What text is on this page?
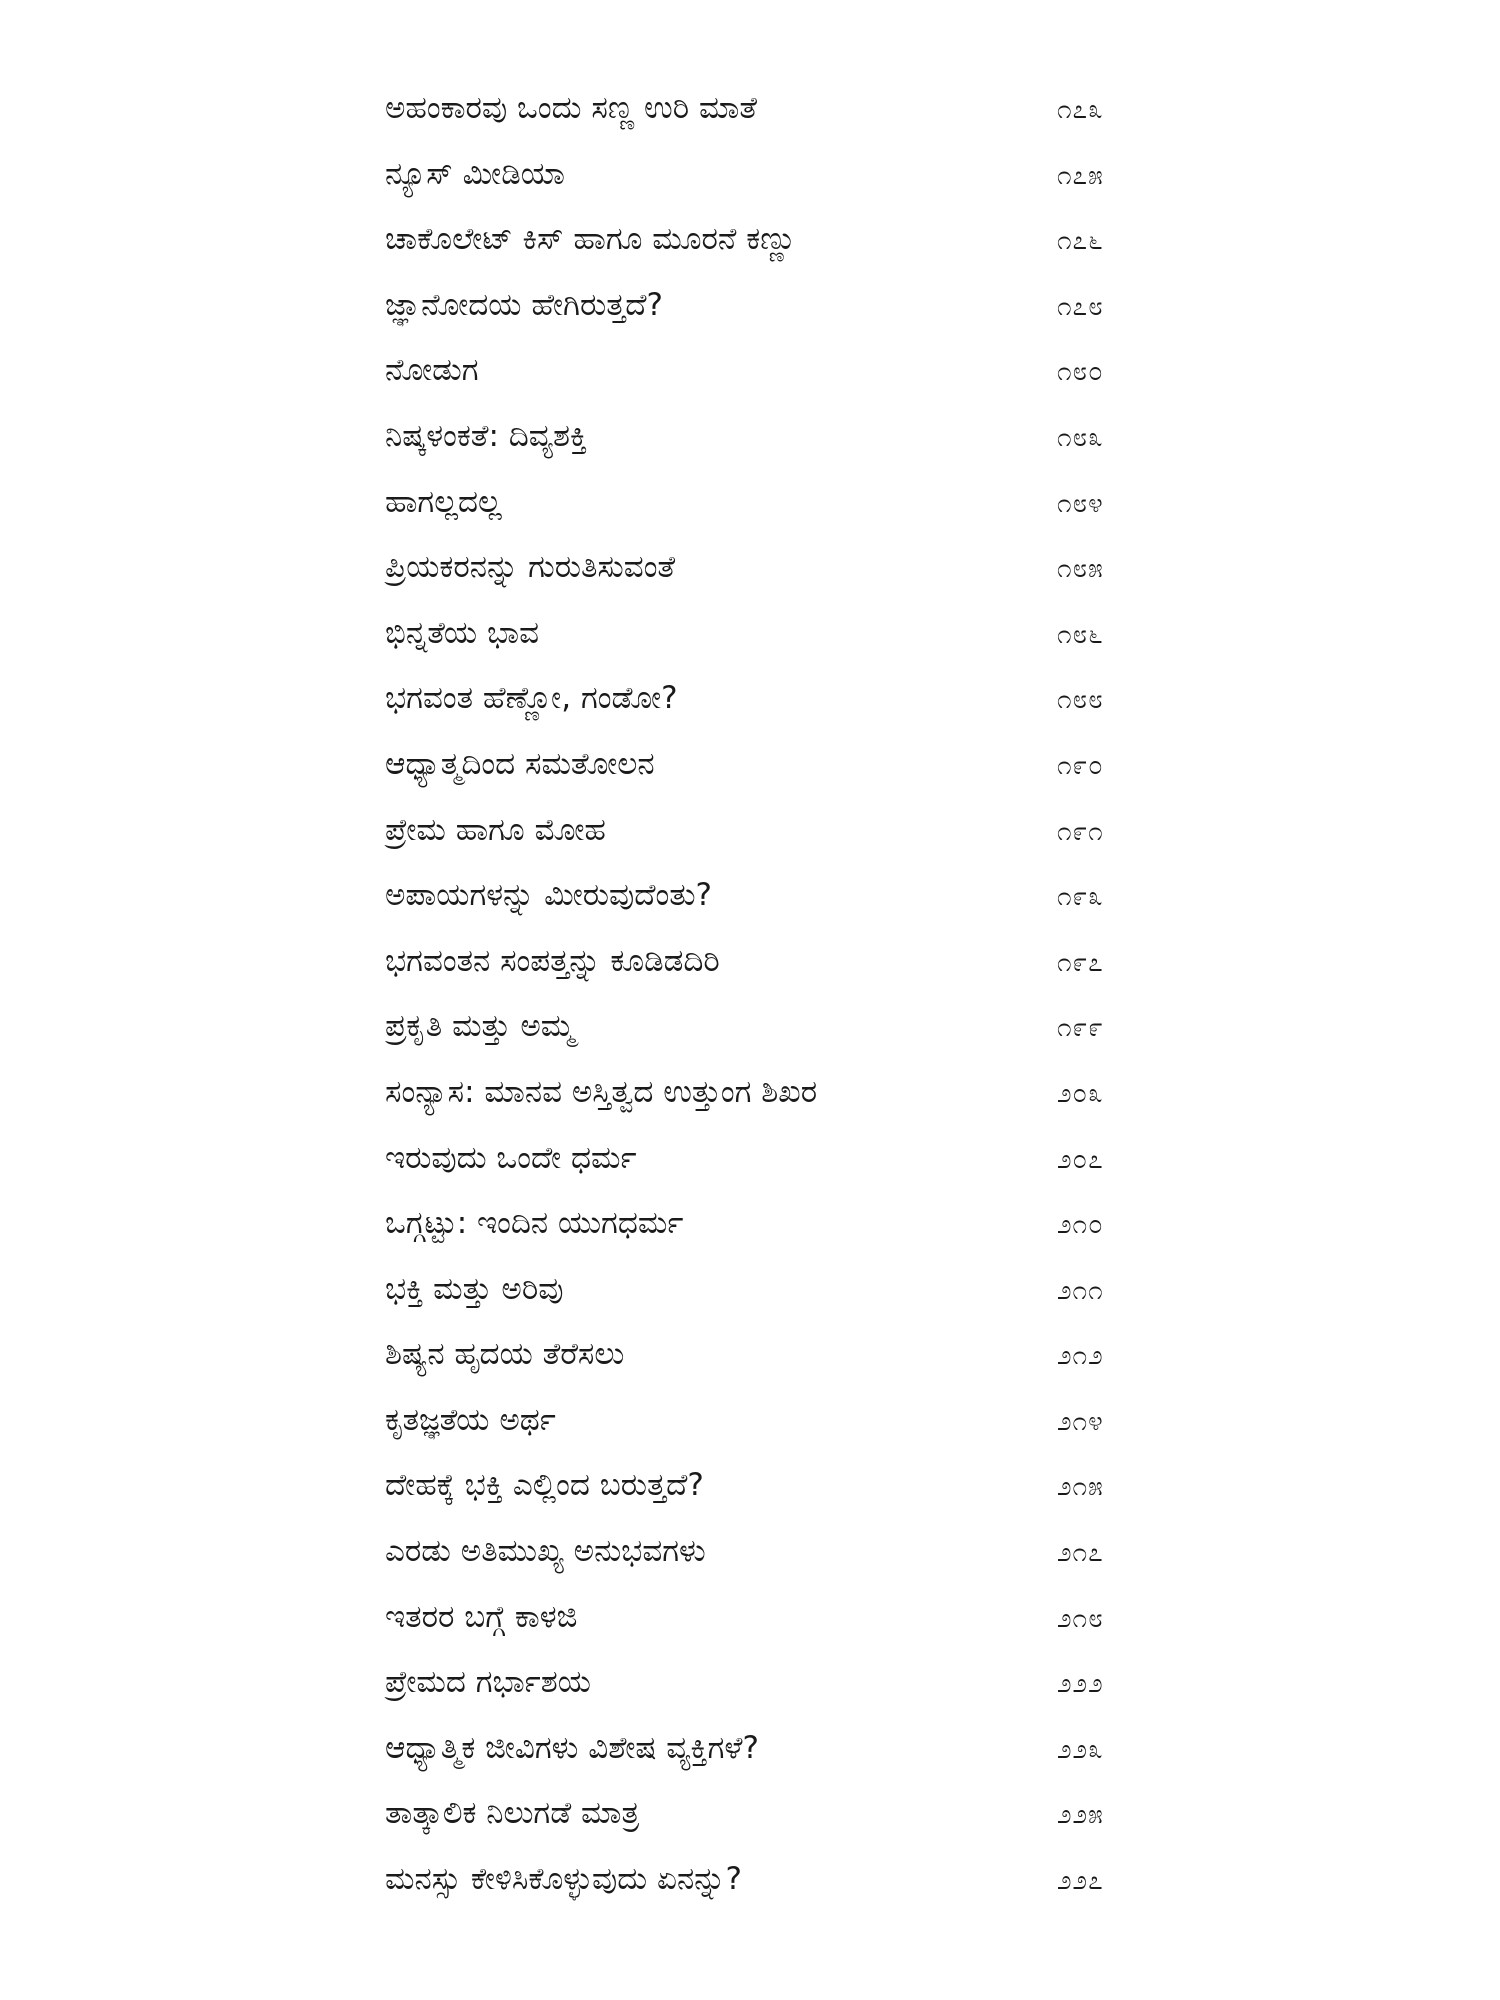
ಅಹಂಕಾರವು ಒಂದು ಸಣ್ಣ ಉರಿ ಮಾತೆ	೧೭೩
ನ್ಯೂಸ್ ಮೀಡಿಯಾ	೧೭೫
ಚಾಕೊಲೇಟ್ ಕಿಸ್ ಹಾಗೂ ಮೂರನೆ ಕಣ್ಣು	೧೭೬
ಜ್ಞಾನೋದಯ ಹೇಗಿರುತ್ತದೆ?	೧೭೮
ನೋಡುಗ	೧೮೦
ನಿಷ್ಕಳಂಕತೆ: ದಿವ್ಯಶಕ್ತಿ	೧೮೩
ಹಾಗಲ್ಲದಲ್ಲ	೧೮೪
ಪ್ರಿಯಕರನನ್ನು ಗುರುತಿಸುವಂತೆ	೧೮೫
ಭಿನ್ನತೆಯ ಭಾವ	೧೮೬
ಭಗವಂತ ಹೆಣ್ಣೋ, ಗಂಡೋ?	೧೮೮
ಆಧ್ಯಾತ್ಮದಿಂದ ಸಮತೋಲನ	೧೯೦
ಪ್ರೇಮ ಹಾಗೂ ಮೋಹ	೧೯೧
ಅಪಾಯಗಳನ್ನು ಮೀರುವುದೆಂತು?	೧೯೩
ಭಗವಂತನ ಸಂಪತ್ತನ್ನು ಕೂಡಿಡದಿರಿ	೧೯೭
ಪ್ರಕೃತಿ ಮತ್ತು ಅಮ್ಮ	೧೯೯
ಸಂನ್ಯಾಸ: ಮಾನವ ಅಸ್ತಿತ್ವದ ಉತ್ತುಂಗ ಶಿಖರ	೨೦೩
ಇರುವುದು ಒಂದೇ ಧರ್ಮ	೨೦೭
ಒಗ್ಗಟ್ಟು: ಇಂದಿನ ಯುಗಧರ್ಮ	೨೧೦
ಭಕ್ತಿ ಮತ್ತು ಅರಿವು	೨೧೧
ಶಿಷ್ಯನ ಹೃದಯ ತೆರೆಸಲು	೨೧೨
ಕೃತಜ್ಞತೆಯ ಅರ್ಥ	೨೧೪
ದೇಹಕ್ಕೆ ಭಕ್ತಿ ಎಲ್ಲಿಂದ ಬರುತ್ತದೆ?	೨೧೫
ಎರಡು ಅತಿಮುಖ್ಯ ಅನುಭವಗಳು	೨೧೭
ಇತರರ ಬಗ್ಗೆ ಕಾಳಜಿ	೨೧೮
ಪ್ರೇಮದ ಗರ್ಭಾಶಯ	೨೨೨
ಆಧ್ಯಾತ್ಮಿಕ ಜೀವಿಗಳು ವಿಶೇಷ ವ್ಯಕ್ತಿಗಳೆ?	೨೨೩
ತಾತ್ಕಾಲಿಕ ನಿಲುಗಡೆ ಮಾತ್ರ	೨೨೫
ಮನಸ್ಸು ಕೇಳಿಸಿಕೊಳ್ಳುವುದು ಏನನ್ನು?	೨೨೭
